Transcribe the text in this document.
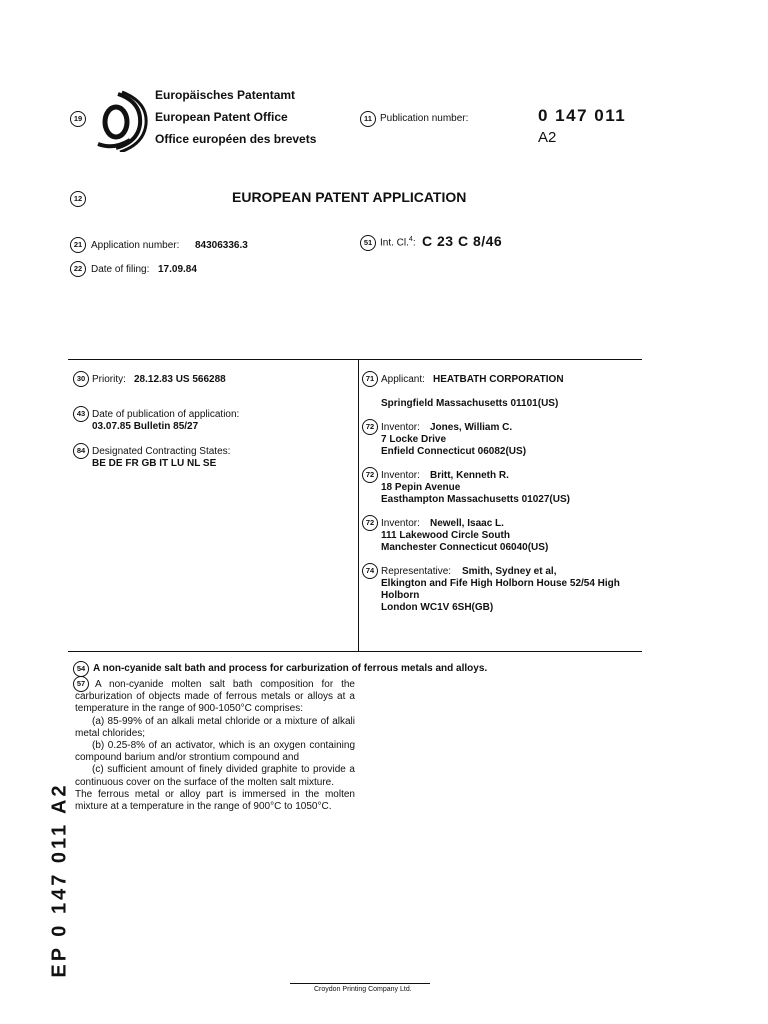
19
Europäisches Patentamt
European Patent Office
Office européen des brevets
11 Publication number:	0 147 011
A2
12	EUROPEAN PATENT APPLICATION
21 Application number: 84306336.3	51 Int. Cl.$^4$: C 23 C 8/46
22 Date of filing: 17.09.84
30 Priority: 28.12.83 US 566288
43 Date of publication of application:
03.07.85 Bulletin 85/27
84 Designated Contracting States:
BE DE FR GB IT LU NL SE
71 Applicant: HEATBATH CORPORATION
Springfield Massachusetts 01101(US)
72 Inventor: Jones, William C.
7 Locke Drive
Enfield Connecticut 06082(US)
72 Inventor: Britt, Kenneth R.
18 Pepin Avenue
Easthampton Massachusetts 01027(US)
72 Inventor: Newell, Isaac L.
111 Lakewood Circle South
Manchester Connecticut 06040(US)
74 Representative: Smith, Sydney et al,
Elkington and Fife High Holborn House 52/54 High
Holborn
London WC1V 6SH(GB)
54 A non-cyanide salt bath and process for carburization of ferrous metals and alloys.
57 A non-cyanide molten salt bath composition for the carburization of objects made of ferrous metals or alloys at a temperature in the range of 900-1050°C comprises:

(a) 85-99% of an alkali metal chloride or a mixture of alkali metal chlorides;

(b) 0.25-8% of an activator, which is an oxygen containing compound barium and/or strontium compound and

(c) sufficient amount of finely divided graphite to provide a continuous cover on the surface of the molten salt mixture.

The ferrous metal or alloy part is immersed in the molten mixture at a temperature in the range of 900°C to 1050°C.

EP 0 147 011 A2
Croydon Printing Company Ltd.
